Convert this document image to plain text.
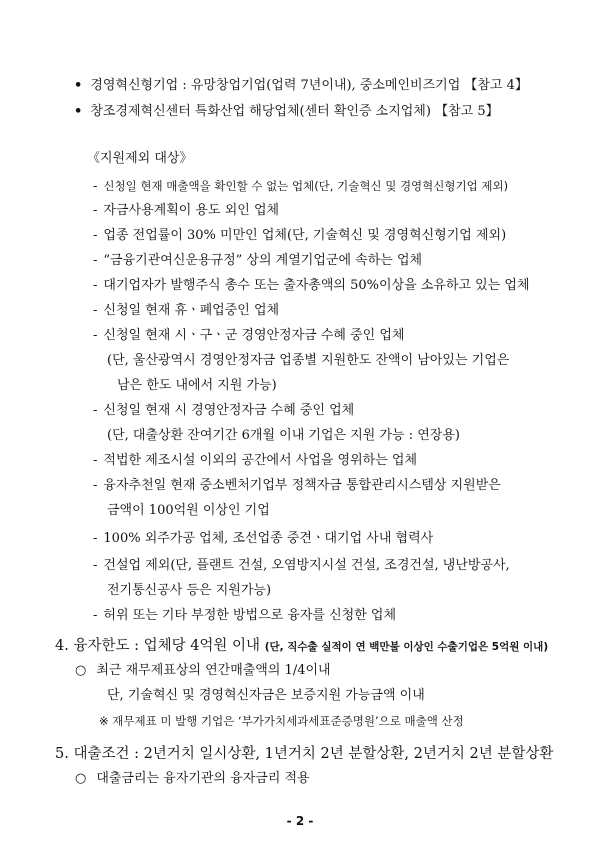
• 경영혁신형기업 : 유망창업기업(업력 7년이내), 중소메인비즈기업 【참고 4】
• 창조경제혁신센터 특화산업 해당업체(센터 확인증 소지업체) 【참고 5】
《지원제외 대상》
- 신청일 현재 매출액을 확인할 수 없는 업체(단, 기술혁신 및 경영혁신형기업 제외)
- 자금사용계획이 용도 외인 업체
- 업종 전업률이 30% 미만인 업체(단, 기술혁신 및 경영혁신형기업 제외)
- “금융기관여신운용규정” 상의 계열기업군에 속하는 업체
- 대기업자가 발행주식 총수 또는 출자총액의 50%이상을 소유하고 있는 업체
- 신청일 현재 휴ㆍ폐업중인 업체
- 신청일 현재 시ㆍ구ㆍ군 경영안정자금 수혜 중인 업체
(단, 울산광역시 경영안정자금 업종별 지원한도 잔액이 남아있는 기업은
남은 한도 내에서 지원 가능)
- 신청일 현재 시 경영안정자금 수혜 중인 업체
(단, 대출상환 잔여기간 6개월 이내 기업은 지원 가능 : 연장용)
- 적법한 제조시설 이외의 공간에서 사업을 영위하는 업체
- 융자추천일 현재 중소벤처기업부 정책자금 통합관리시스템상 지원받은
금액이 100억원 이상인 기업
- 100% 외주가공 업체, 조선업종 중견ㆍ대기업 사내 협력사
- 건설업 제외(단, 플랜트 건설, 오염방지시설 건설, 조경건설, 냉난방공사,
전기통신공사 등은 지원가능)
- 허위 또는 기타 부정한 방법으로 융자를 신청한 업체
4. 융자한도 : 업체당 4억원 이내 (단, 직수출 실적이 연 백만불 이상인 수출기업은 5억원 이내)
○ 최근 재무제표상의 연간매출액의 1/4이내
단, 기술혁신 및 경영혁신자금은 보증지원 가능금액 이내
※ 재무제표 미 발행 기업은 ‘부가가치세과세표준증명원’으로 매출액 산정
5. 대출조건 : 2년거치 일시상환, 1년거치 2년 분할상환, 2년거치 2년 분할상환
○ 대출금리는 융자기관의 융자금리 적용
- 2 -
